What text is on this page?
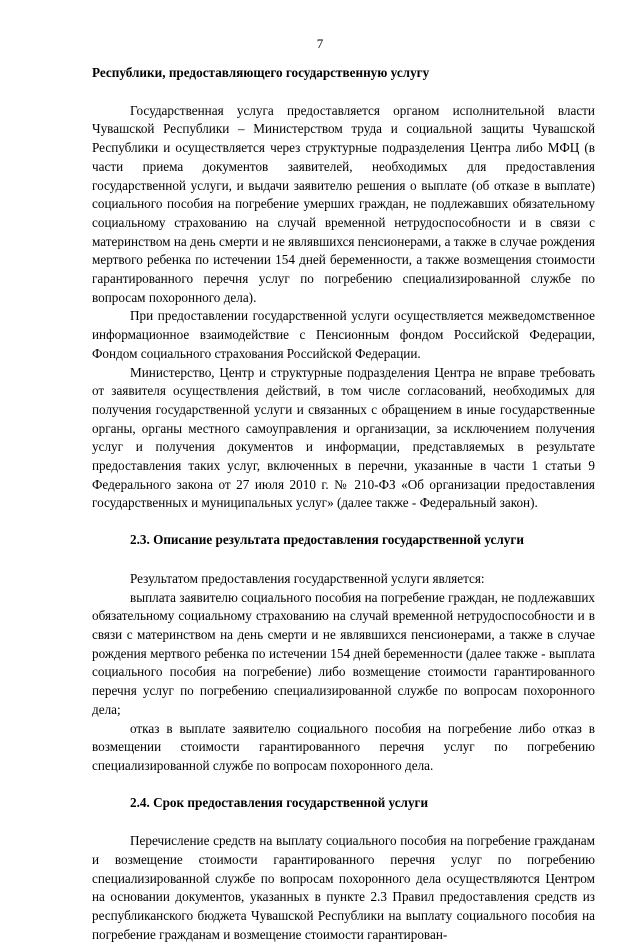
7

Республики, предоставляющего государственную услугу

Государственная услуга предоставляется органом исполнительной власти Чувашской Республики – Министерством труда и социальной защиты Чувашской Республики и осуществляется через структурные подразделения Центра либо МФЦ (в части приема документов заявителей, необходимых для предоставления государственной услуги, и выдачи заявителю решения о выплате (об отказе в выплате) социального пособия на погребение умерших граждан, не подлежавших обязательному социальному страхованию на случай временной нетрудоспособности и в связи с материнством на день смерти и не являвшихся пенсионерами, а также в случае рождения мертвого ребенка по истечении 154 дней беременности, а также возмещения стоимости гарантированного перечня услуг по погребению специализированной службе по вопросам похоронного дела).

При предоставлении государственной услуги осуществляется межведомственное информационное взаимодействие с Пенсионным фондом Российской Федерации, Фондом социального страхования Российской Федерации.

Министерство, Центр и структурные подразделения Центра не вправе требовать от заявителя осуществления действий, в том числе согласований, необходимых для получения государственной услуги и связанных с обращением в иные государственные органы, органы местного самоуправления и организации, за исключением получения услуг и получения документов и информации, представляемых в результате предоставления таких услуг, включенных в перечни, указанные в части 1 статьи 9 Федерального закона от 27 июля 2010 г. № 210-ФЗ «Об организации предоставления государственных и муниципальных услуг» (далее также - Федеральный закон).

2.3. Описание результата предоставления государственной услуги

Результатом предоставления государственной услуги является:

выплата заявителю социального пособия на погребение граждан, не подлежавших обязательному социальному страхованию на случай временной нетрудоспособности и в связи с материнством на день смерти и не являвшихся пенсионерами, а также в случае рождения мертвого ребенка по истечении 154 дней беременности (далее также - выплата социального пособия на погребение) либо возмещение стоимости гарантированного перечня услуг по погребению специализированной службе по вопросам похоронного дела;

отказ в выплате заявителю социального пособия на погребение либо отказ в возмещении стоимости гарантированного перечня услуг по погребению специализированной службе по вопросам похоронного дела.

2.4. Срок предоставления государственной услуги

Перечисление средств на выплату социального пособия на погребение гражданам и возмещение стоимости гарантированного перечня услуг по погребению специализированной службе по вопросам похоронного дела осуществляются Центром на основании документов, указанных в пункте 2.3 Правил предоставления средств из республиканского бюджета Чувашской Республики на выплату социального пособия на погребение гражданам и возмещение стоимости гарантирован-
